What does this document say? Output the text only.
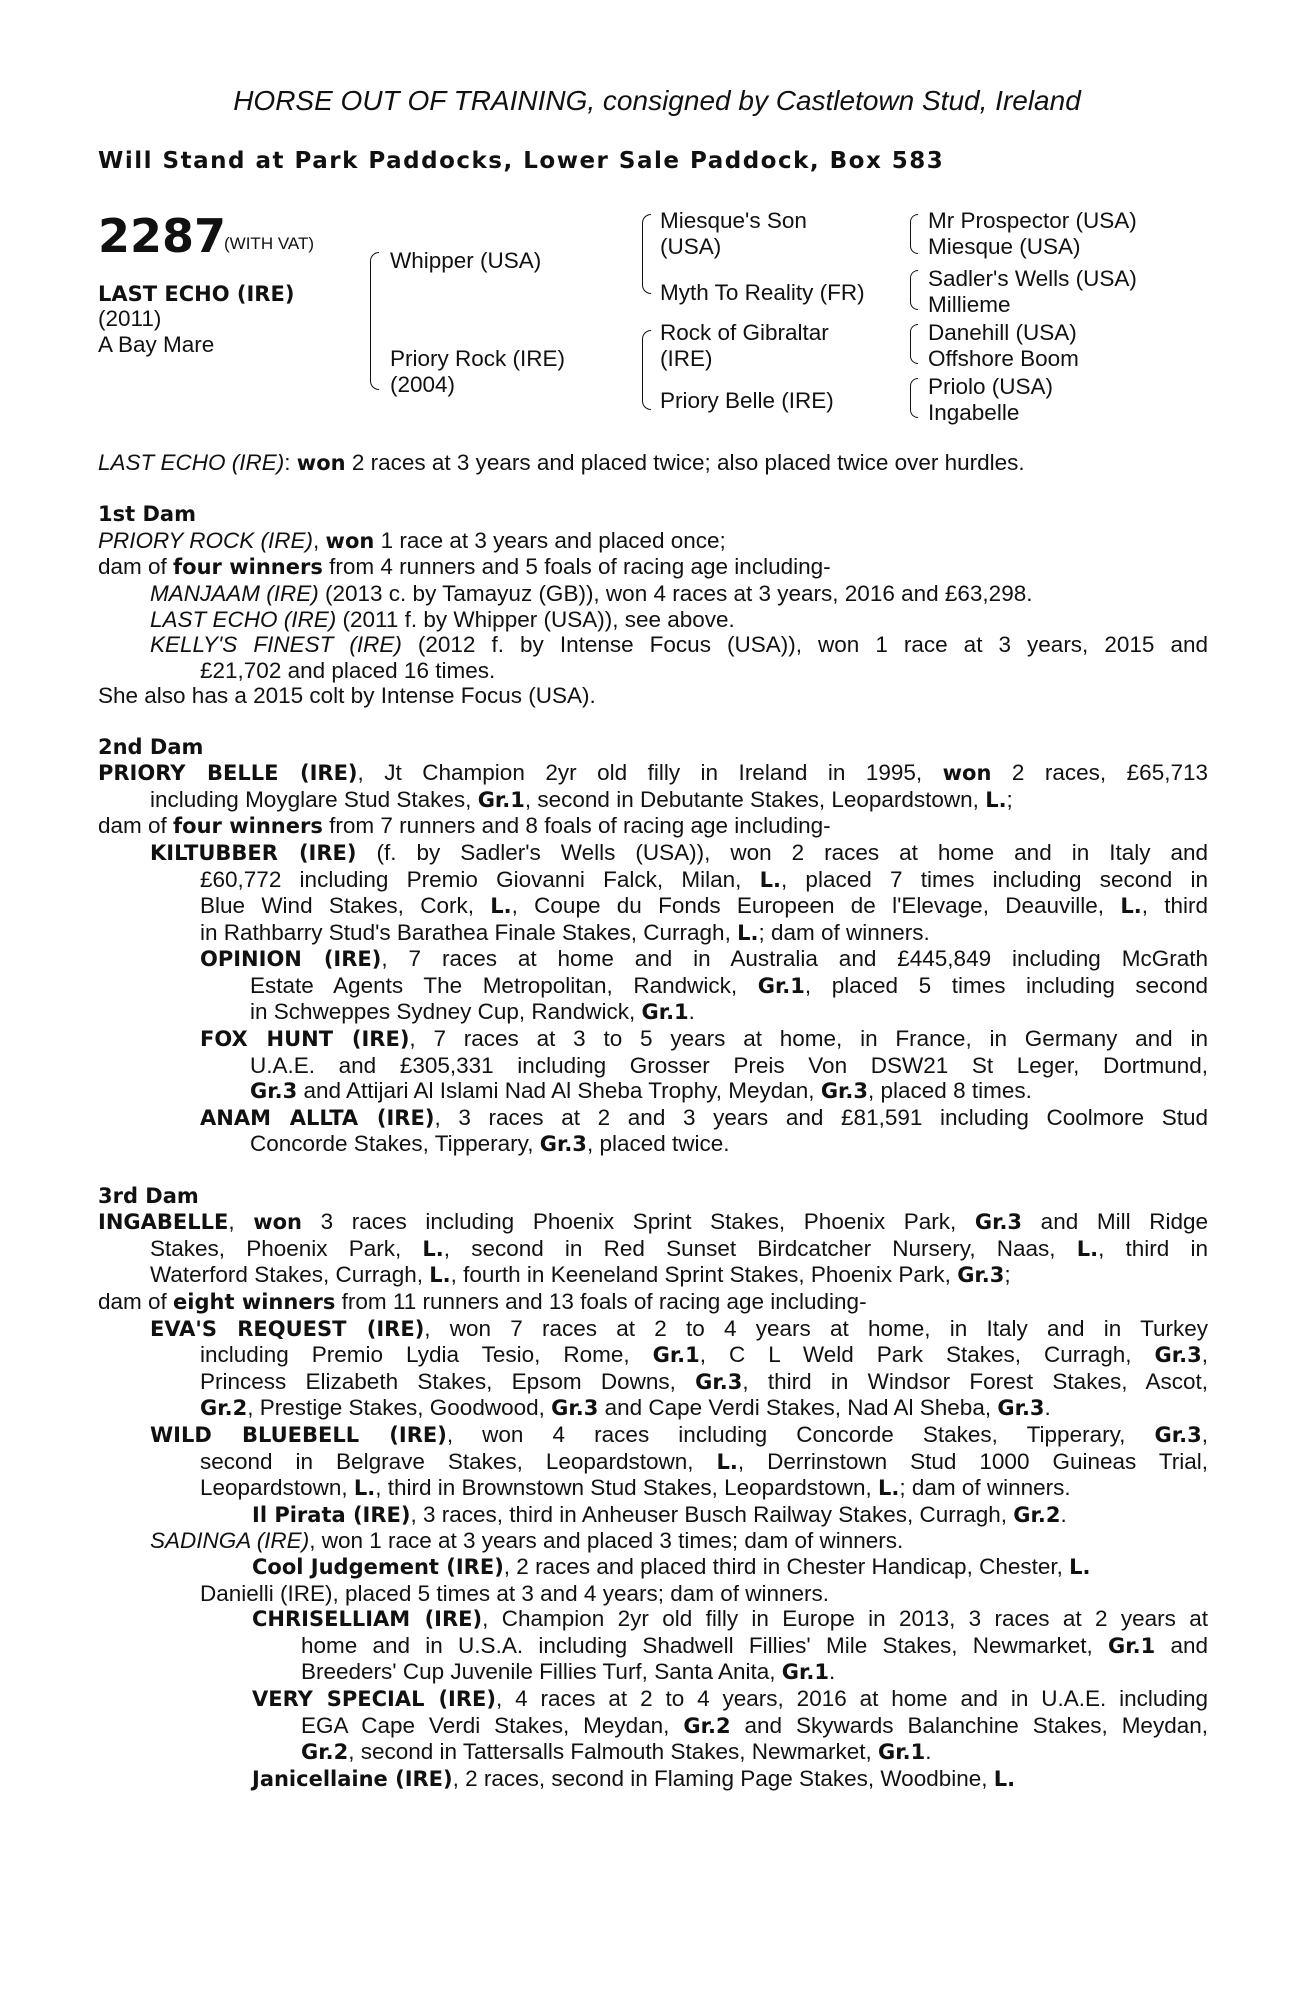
HORSE OUT OF TRAINING, consigned by Castletown Stud, Ireland
Will Stand at Park Paddocks, Lower Sale Paddock, Box 583
2287
(WITH VAT)
LAST ECHO (IRE)
(2011)
A Bay Mare
Whipper (USA)
Priory Rock (IRE)
(2004)
Miesque's Son
(USA)
Myth To Reality (FR)
Rock of Gibraltar
(IRE)
Priory Belle (IRE)
Mr Prospector (USA)
Miesque (USA)
Sadler's Wells (USA)
Millieme
Danehill (USA)
Offshore Boom
Priolo (USA)
Ingabelle
LAST ECHO (IRE): won 2 races at 3 years and placed twice; also placed twice over hurdles.
1st Dam
PRIORY ROCK (IRE), won 1 race at 3 years and placed once;
dam of four winners from 4 runners and 5 foals of racing age including-
MANJAAM (IRE) (2013 c. by Tamayuz (GB)), won 4 races at 3 years, 2016 and £63,298.
LAST ECHO (IRE) (2011 f. by Whipper (USA)), see above.
KELLY'S FINEST (IRE) (2012 f. by Intense Focus (USA)), won 1 race at 3 years, 2015 and
£21,702 and placed 16 times.
She also has a 2015 colt by Intense Focus (USA).
2nd Dam
PRIORY BELLE (IRE), Jt Champion 2yr old filly in Ireland in 1995, won 2 races, £65,713
including Moyglare Stud Stakes, Gr.1, second in Debutante Stakes, Leopardstown, L.;
dam of four winners from 7 runners and 8 foals of racing age including-
KILTUBBER (IRE) (f. by Sadler's Wells (USA)), won 2 races at home and in Italy and
£60,772 including Premio Giovanni Falck, Milan, L., placed 7 times including second in
Blue Wind Stakes, Cork, L., Coupe du Fonds Europeen de l'Elevage, Deauville, L., third
in Rathbarry Stud's Barathea Finale Stakes, Curragh, L.; dam of winners.
OPINION (IRE), 7 races at home and in Australia and £445,849 including McGrath
Estate Agents The Metropolitan, Randwick, Gr.1, placed 5 times including second
in Schweppes Sydney Cup, Randwick, Gr.1.
FOX HUNT (IRE), 7 races at 3 to 5 years at home, in France, in Germany and in
U.A.E. and £305,331 including Grosser Preis Von DSW21 St Leger, Dortmund,
Gr.3 and Attijari Al Islami Nad Al Sheba Trophy, Meydan, Gr.3, placed 8 times.
ANAM ALLTA (IRE), 3 races at 2 and 3 years and £81,591 including Coolmore Stud
Concorde Stakes, Tipperary, Gr.3, placed twice.
3rd Dam
INGABELLE, won 3 races including Phoenix Sprint Stakes, Phoenix Park, Gr.3 and Mill Ridge
Stakes, Phoenix Park, L., second in Red Sunset Birdcatcher Nursery, Naas, L., third in
Waterford Stakes, Curragh, L., fourth in Keeneland Sprint Stakes, Phoenix Park, Gr.3;
dam of eight winners from 11 runners and 13 foals of racing age including-
EVA'S REQUEST (IRE), won 7 races at 2 to 4 years at home, in Italy and in Turkey
including Premio Lydia Tesio, Rome, Gr.1, C L Weld Park Stakes, Curragh, Gr.3,
Princess Elizabeth Stakes, Epsom Downs, Gr.3, third in Windsor Forest Stakes, Ascot,
Gr.2, Prestige Stakes, Goodwood, Gr.3 and Cape Verdi Stakes, Nad Al Sheba, Gr.3.
WILD BLUEBELL (IRE), won 4 races including Concorde Stakes, Tipperary, Gr.3,
second in Belgrave Stakes, Leopardstown, L., Derrinstown Stud 1000 Guineas Trial,
Leopardstown, L., third in Brownstown Stud Stakes, Leopardstown, L.; dam of winners.
Il Pirata (IRE), 3 races, third in Anheuser Busch Railway Stakes, Curragh, Gr.2.
SADINGA (IRE), won 1 race at 3 years and placed 3 times; dam of winners.
Cool Judgement (IRE), 2 races and placed third in Chester Handicap, Chester, L.
Danielli (IRE), placed 5 times at 3 and 4 years; dam of winners.
CHRISELLIAM (IRE), Champion 2yr old filly in Europe in 2013, 3 races at 2 years at
home and in U.S.A. including Shadwell Fillies' Mile Stakes, Newmarket, Gr.1 and
Breeders' Cup Juvenile Fillies Turf, Santa Anita, Gr.1.
VERY SPECIAL (IRE), 4 races at 2 to 4 years, 2016 at home and in U.A.E. including
EGA Cape Verdi Stakes, Meydan, Gr.2 and Skywards Balanchine Stakes, Meydan,
Gr.2, second in Tattersalls Falmouth Stakes, Newmarket, Gr.1.
Janicellaine (IRE), 2 races, second in Flaming Page Stakes, Woodbine, L.
